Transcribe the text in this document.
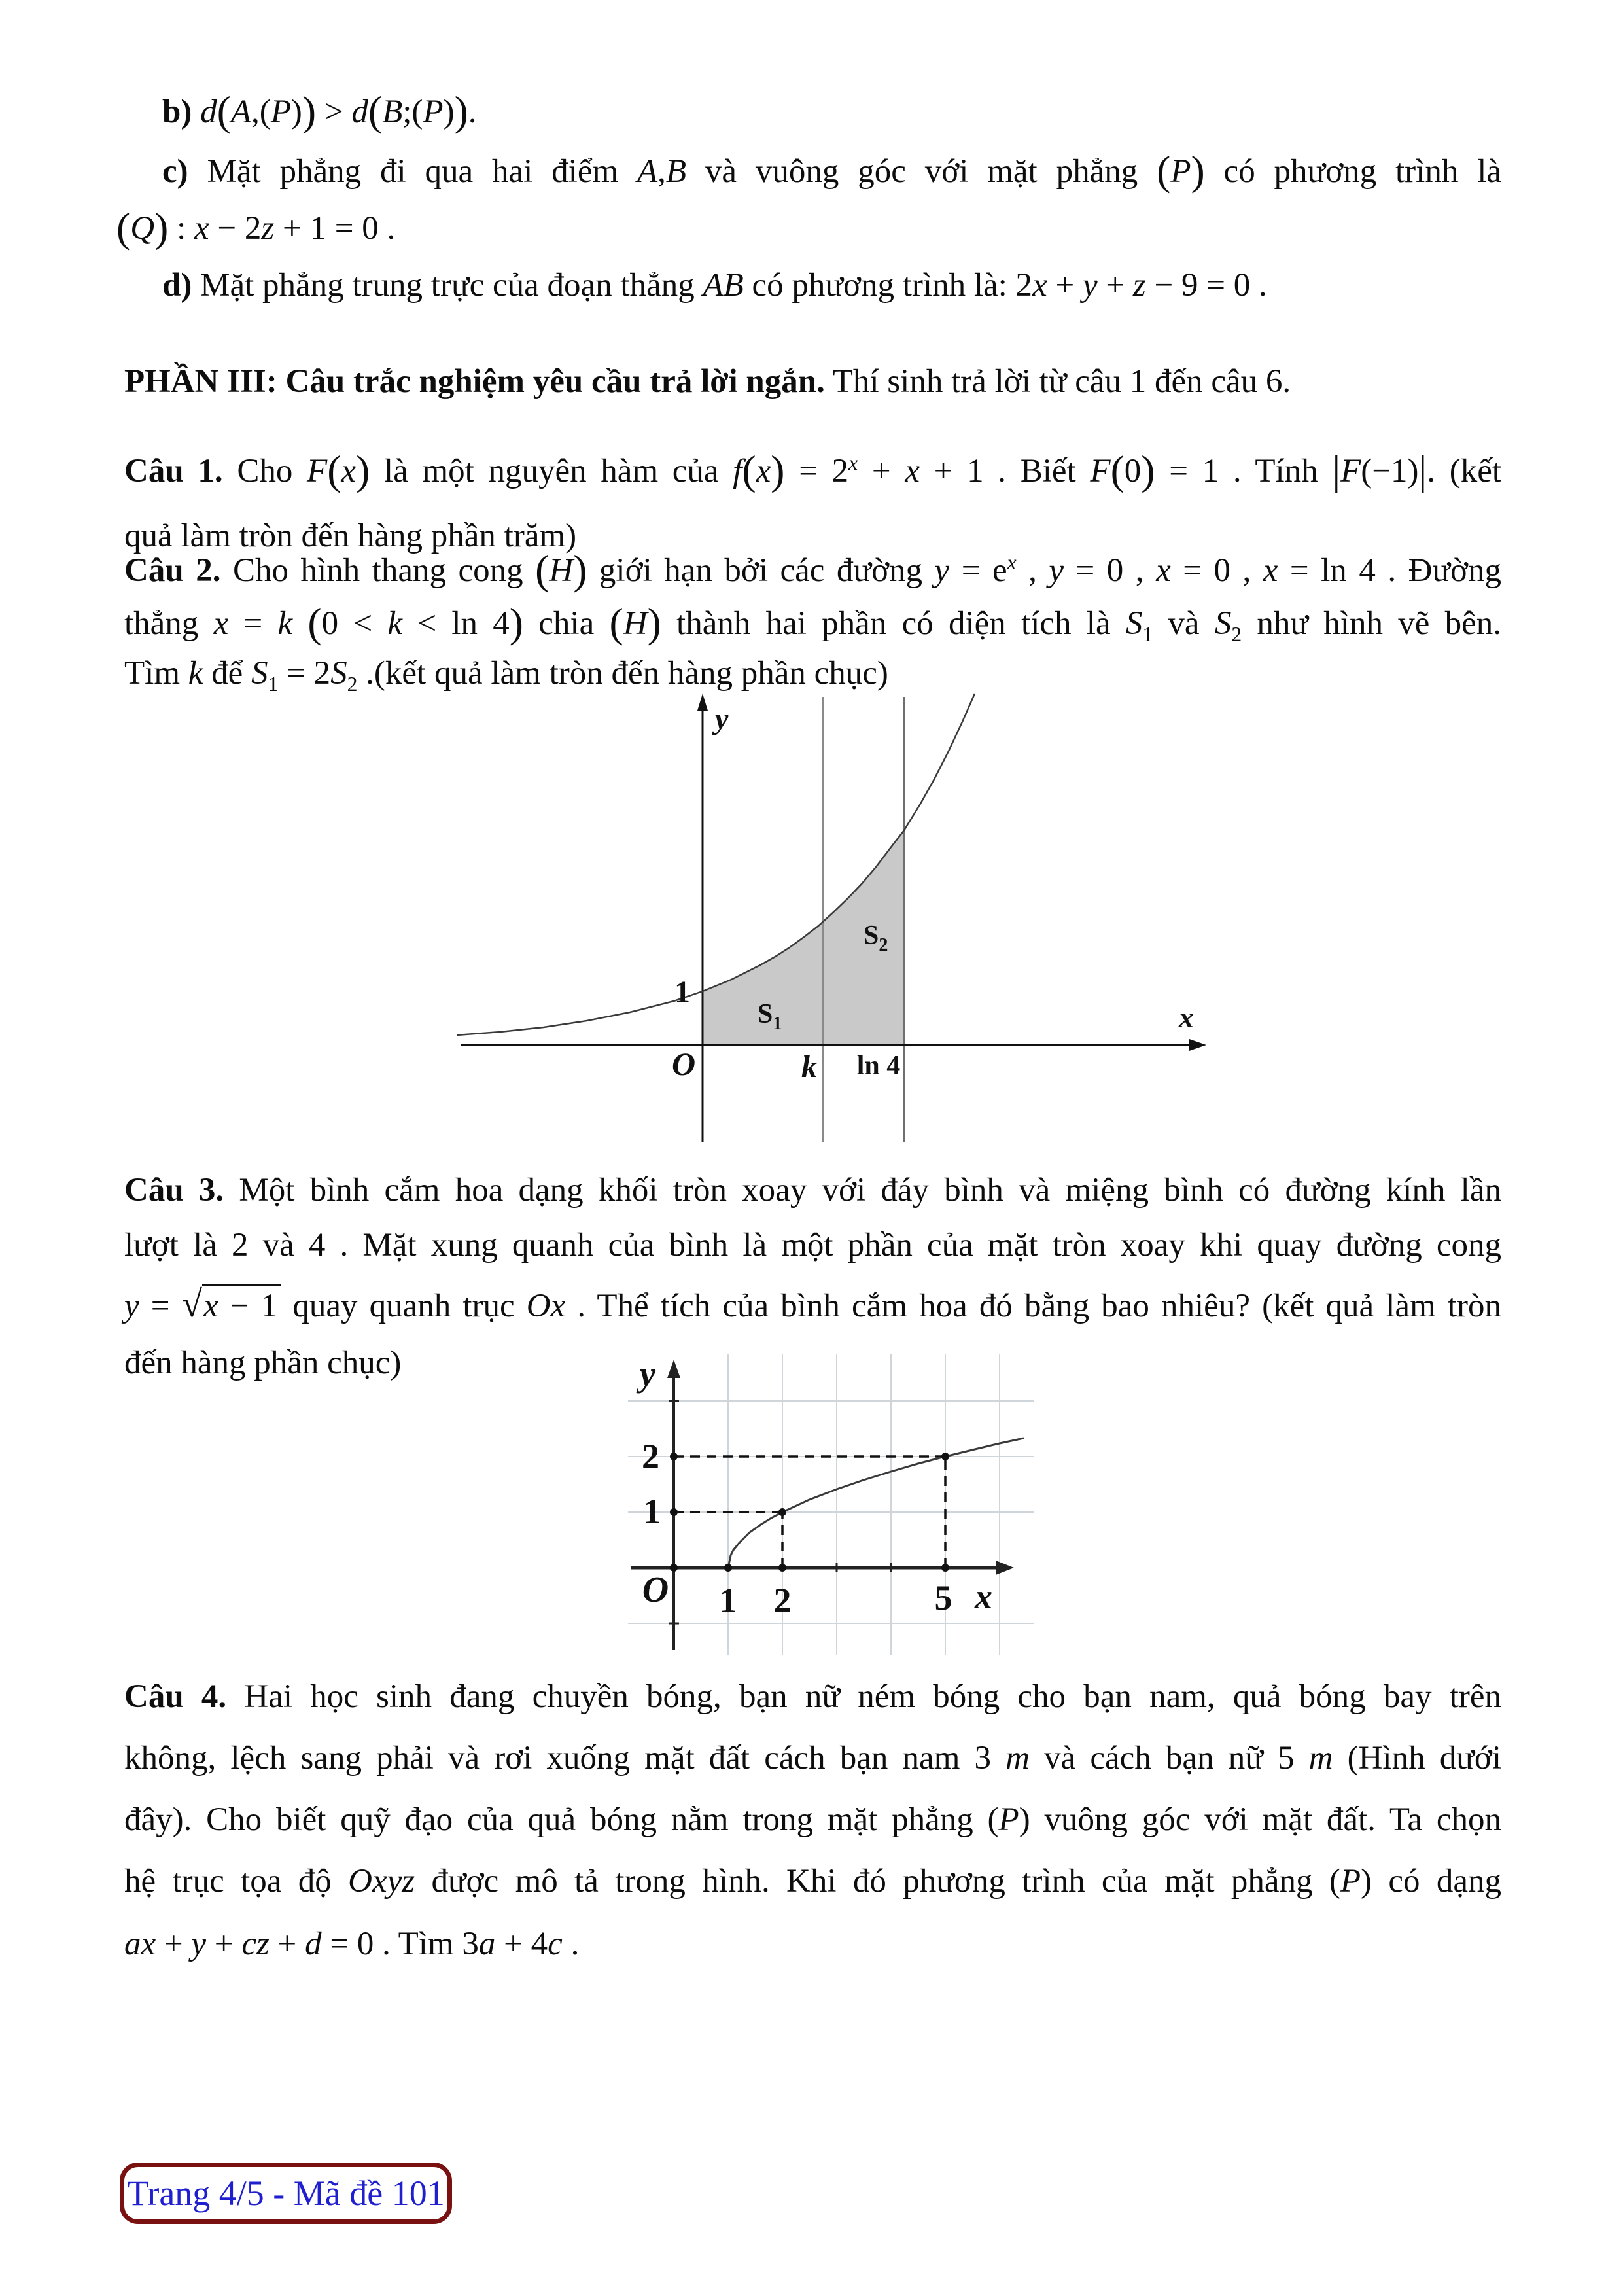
b) d(A,(P)) > d(B;(P)).
c) Mặt phẳng đi qua hai điểm A,B và vuông góc với mặt phẳng (P) có phương trình là
(Q) : x − 2z + 1 = 0 .
d) Mặt phẳng trung trực của đoạn thẳng AB có phương trình là: 2x + y + z − 9 = 0 .
PHẦN III: Câu trắc nghiệm yêu cầu trả lời ngắn. Thí sinh trả lời từ câu 1 đến câu 6.
Câu 1. Cho F(x) là một nguyên hàm của $f(x) = 2^x + x + 1$ . Biết F(0) = 1 . Tính |F(−1)|. (kết
quả làm tròn đến hàng phần trăm)
Câu 2. Cho hình thang cong (H) giới hạn bởi các đường $y = e^x$ , y = 0 , x = 0 , x = ln 4 . Đường
thẳng x = k (0 < k < ln 4) chia (H) thành hai phần có diện tích là $S_1$ và $S_2$ như hình vẽ bên.
Tìm k để $S_1 = 2S_2$ .(kết quả làm tròn đến hàng phần chục)
y
x
1
O	k ln 4
$S_1$
$S_2$
Câu 3. Một bình cắm hoa dạng khối tròn xoay với đáy bình và miệng bình có đường kính lần
lượt là 2 và 4 . Mặt xung quanh của bình là một phần của mặt tròn xoay khi quay đường cong
y = √x − 1 quay quanh trục Ox . Thể tích của bình cắm hoa đó bằng bao nhiêu? (kết quả làm tròn
đến hàng phần chục)	y
x
O 1 2	5
1
2
Câu 4. Hai học sinh đang chuyền bóng, bạn nữ ném bóng cho bạn nam, quả bóng bay trên
không, lệch sang phải và rơi xuống mặt đất cách bạn nam 3 m và cách bạn nữ 5 m (Hình dưới
đây). Cho biết quỹ đạo của quả bóng nằm trong mặt phẳng (P) vuông góc với mặt đất. Ta chọn
hệ trục tọa độ Oxyz được mô tả trong hình. Khi đó phương trình của mặt phẳng (P) có dạng
ax + y + cz + d = 0 . Tìm 3a + 4c .
Trang 4/5 - Mã đề 101
